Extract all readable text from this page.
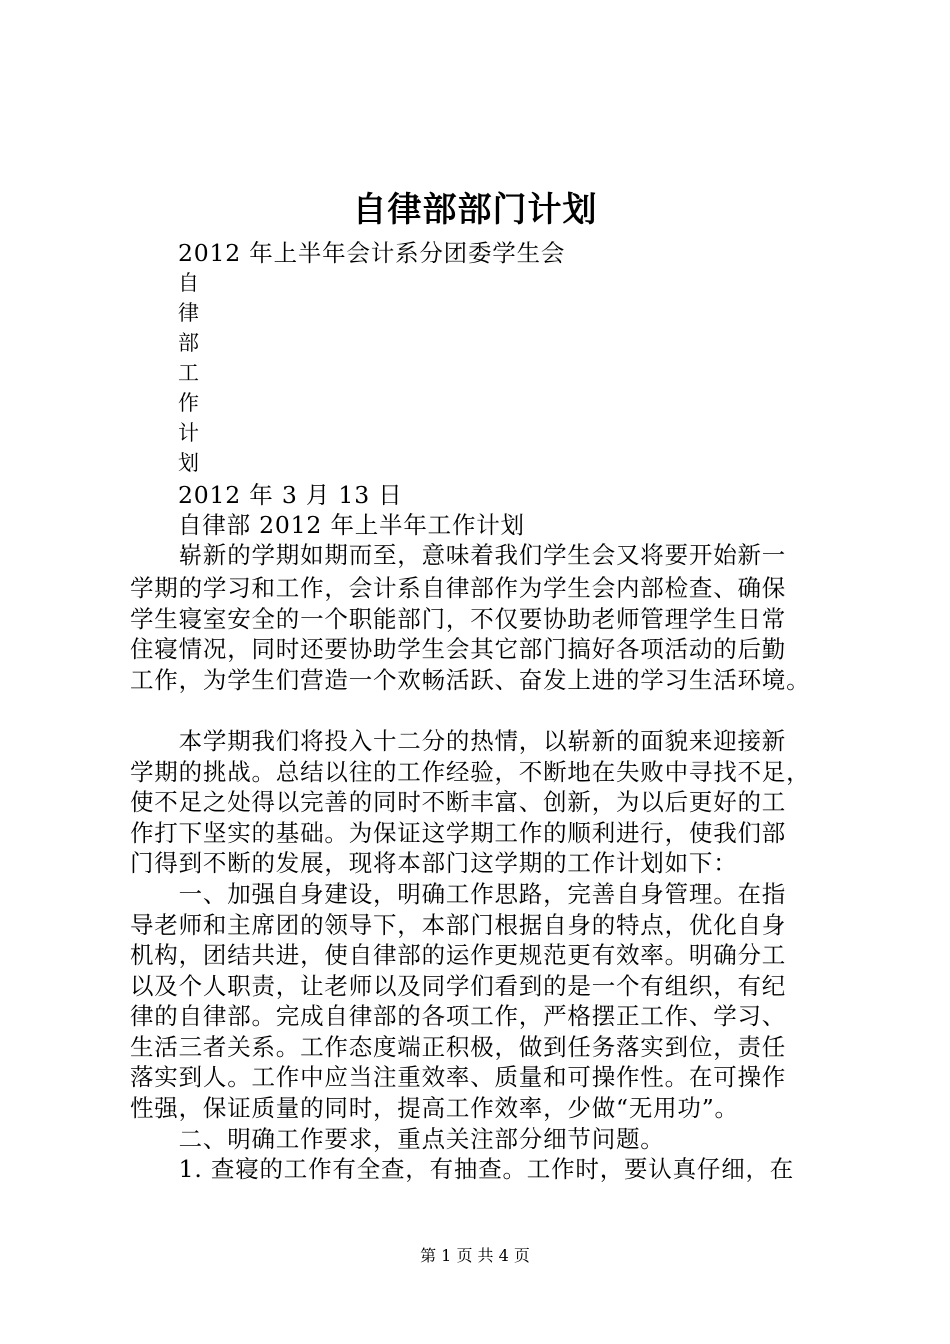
自律部部门计划
2012 年上半年会计系分团委学生会
自
律
部
工
作
计
划
2012 年 3 月 13 日
自律部 2012 年上半年工作计划
　　崭新的学期如期而至，意味着我们学生会又将要开始新一
学期的学习和工作，会计系自律部作为学生会内部检查、确保
学生寝室安全的一个职能部门，不仅要协助老师管理学生日常
住寝情况，同时还要协助学生会其它部门搞好各项活动的后勤
工作，为学生们营造一个欢畅活跃、奋发上进的学习生活环境。
　　本学期我们将投入十二分的热情，以崭新的面貌来迎接新
学期的挑战。总结以往的工作经验，不断地在失败中寻找不足，
使不足之处得以完善的同时不断丰富、创新，为以后更好的工
作打下坚实的基础。为保证这学期工作的顺利进行，使我们部
门得到不断的发展，现将本部门这学期的工作计划如下：
　　一、加强自身建设，明确工作思路，完善自身管理。在指
导老师和主席团的领导下，本部门根据自身的特点，优化自身
机构，团结共进，使自律部的运作更规范更有效率。明确分工
以及个人职责，让老师以及同学们看到的是一个有组织，有纪
律的自律部。完成自律部的各项工作，严格摆正工作、学习、
生活三者关系。工作态度端正积极，做到任务落实到位，责任
落实到人。工作中应当注重效率、质量和可操作性。在可操作
性强，保证质量的同时，提高工作效率，少做“无用功”。
　　二、明确工作要求，重点关注部分细节问题。
　　1. 查寝的工作有全查，有抽查。工作时，要认真仔细，在
第 1 页 共 4 页
